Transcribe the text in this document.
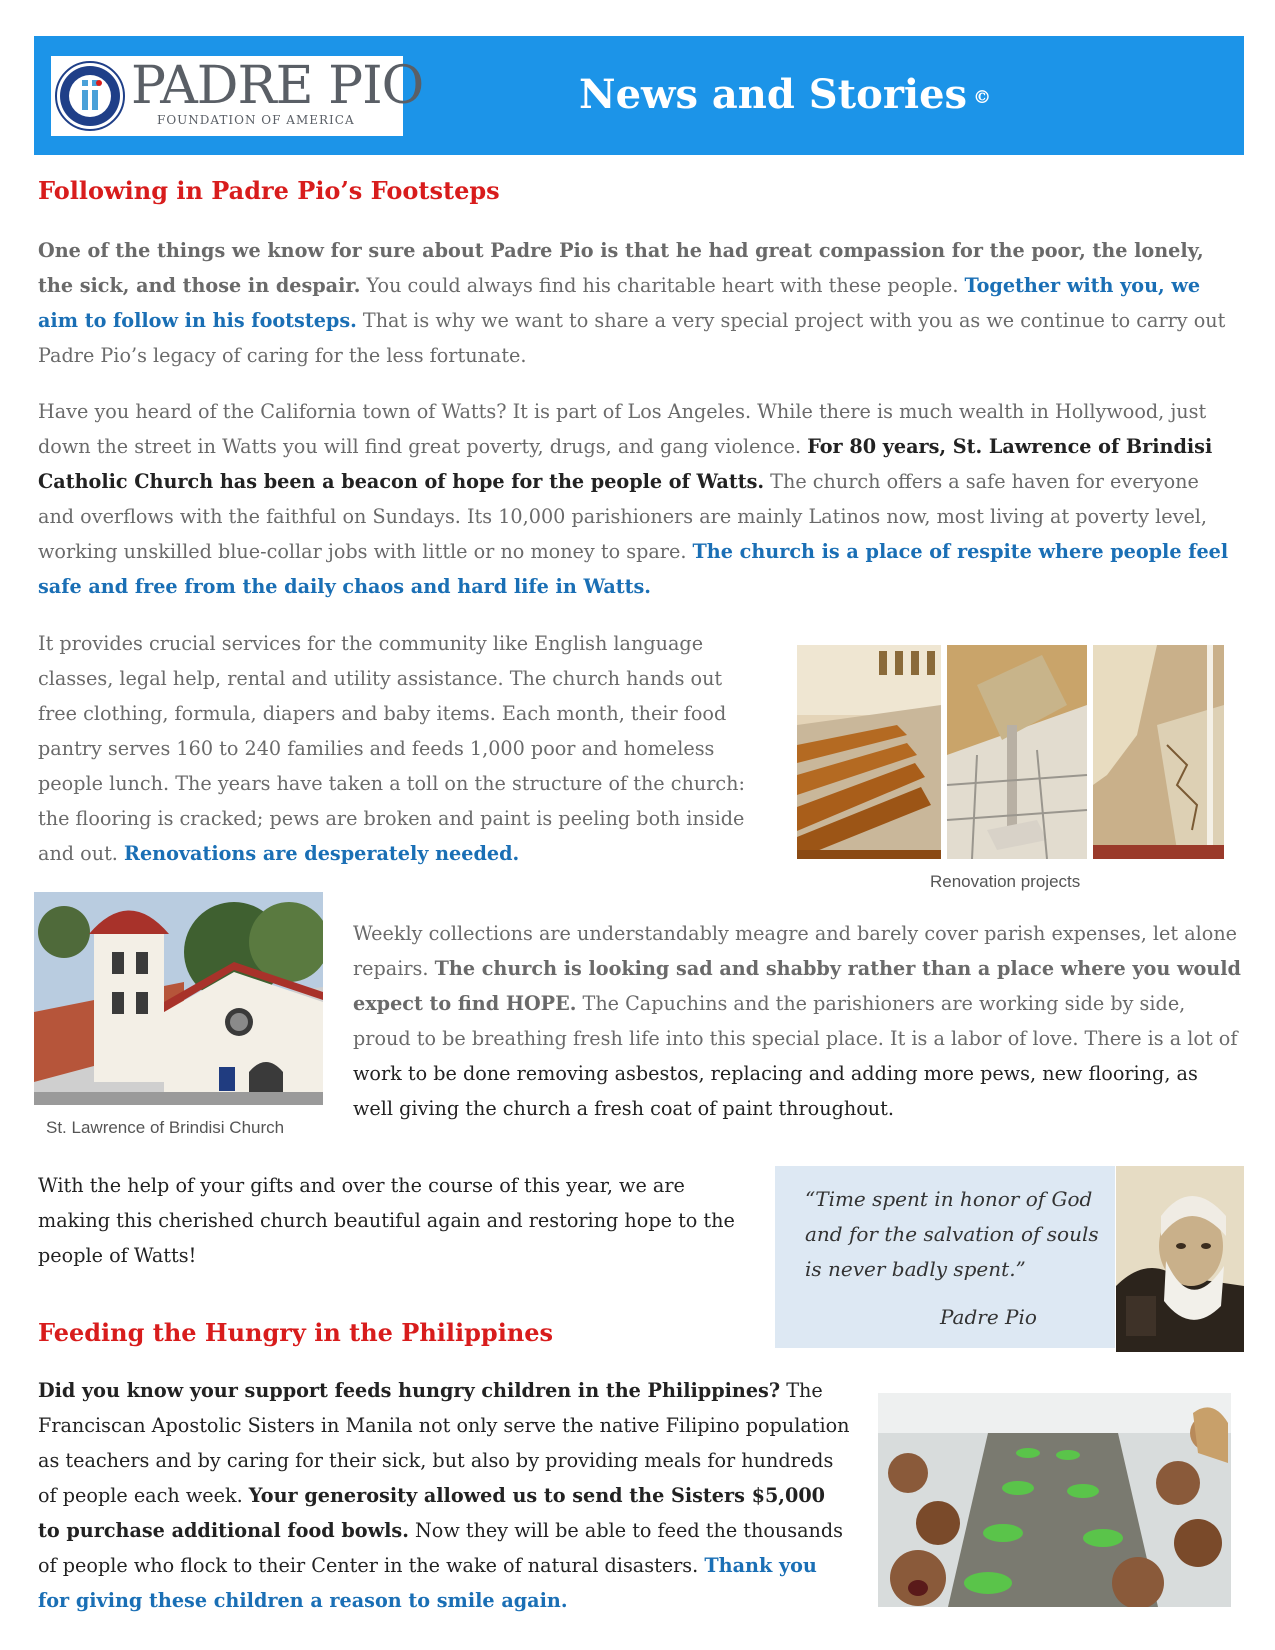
PADRE PIO
FOUNDATION OF AMERICA
News and Stories ©
Following in Padre Pio’s Footsteps
One of the things we know for sure about Padre Pio is that he had great compassion for the poor, the lonely, the sick, and those in despair. You could always find his charitable heart with these people. Together with you, we aim to follow in his footsteps. That is why we want to share a very special project with you as we continue to carry out Padre Pio’s legacy of caring for the less fortunate.
Have you heard of the California town of Watts? It is part of Los Angeles. While there is much wealth in Hollywood, just down the street in Watts you will find great poverty, drugs, and gang violence. For 80 years, St. Lawrence of Brindisi Catholic Church has been a beacon of hope for the people of Watts. The church offers a safe haven for everyone and overflows with the faithful on Sundays. Its 10,000 parishioners are mainly Latinos now, most living at poverty level, working unskilled blue-collar jobs with little or no money to spare. The church is a place of respite where people feel safe and free from the daily chaos and hard life in Watts.
It provides crucial services for the community like English language classes, legal help, rental and utility assistance. The church hands out free clothing, formula, diapers and baby items. Each month, their food pantry serves 160 to 240 families and feeds 1,000 poor and homeless people lunch. The years have taken a toll on the structure of the church: the flooring is cracked; pews are broken and paint is peeling both inside and out. Renovations are desperately needed.
Renovation projects
St. Lawrence of Brindisi Church
Weekly collections are understandably meagre and barely cover parish expenses, let alone repairs. The church is looking sad and shabby rather than a place where you would expect to find HOPE. The Capuchins and the parishioners are working side by side, proud to be breathing fresh life into this special place. It is a labor of love. There is a lot of work to be done removing asbestos, replacing and adding more pews, new flooring, as well giving the church a fresh coat of paint throughout.
With the help of your gifts and over the course of this year, we are making this cherished church beautiful again and restoring hope to the people of Watts!
“Time spent in honor of God and for the salvation of souls is never badly spent.”
Padre Pio
Feeding the Hungry in the Philippines
Did you know your support feeds hungry children in the Philippines? The Franciscan Apostolic Sisters in Manila not only serve the native Filipino population as teachers and by caring for their sick, but also by providing meals for hundreds of people each week. Your generosity allowed us to send the Sisters $5,000 to purchase additional food bowls. Now they will be able to feed the thousands of people who flock to their Center in the wake of natural disasters. Thank you for giving these children a reason to smile again.
